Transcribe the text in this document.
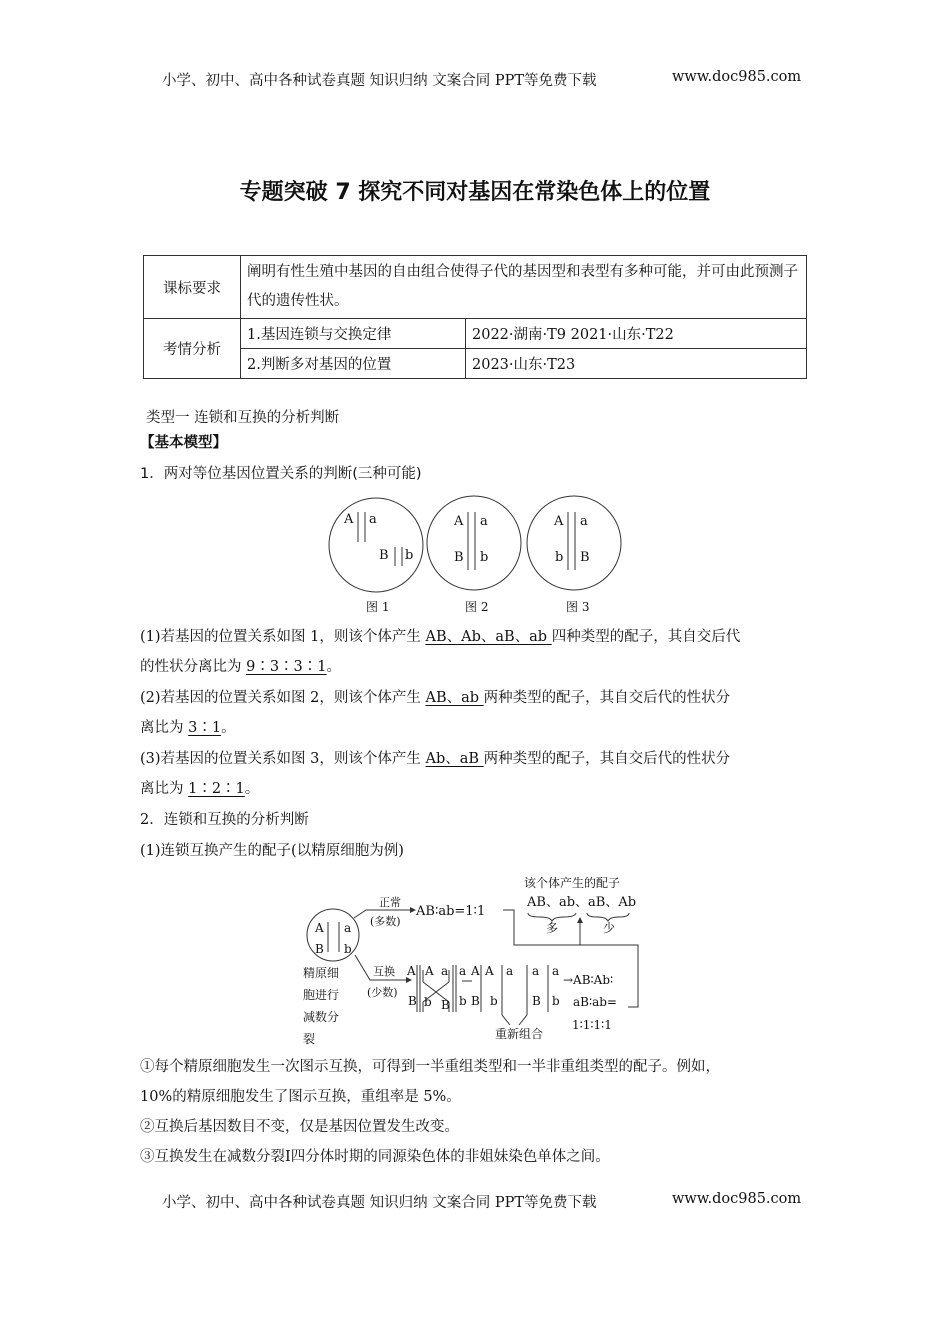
小学、初中、高中各种试卷真题 知识归纳 文案合同 PPT等免费下载	www.doc985.com
专题突破 7 探究不同对基因在常染色体上的位置
课标要求	阐明有性生殖中基因的自由组合使得子代的基因型和表型有多种可能，并可由此预测子代的遗传性状。	
考情分析	1.基因连锁与交换定律	2022·湖南·T9 2021·山东·T22
	2.判断多对基因的位置	2023·山东·T23
类型一 连锁和互换的分析判断
【基本模型】
1．两对等位基因位置关系的判断(三种可能)
A a
B b
图 1
A a
B b
图 2
A a
b B
图 3
A a
B b
正常
(多数)
AB∶ab=1∶1
该个体产生的配子
AB、ab、aB、Ab
多	少
互换
(少数)
精原细
胞进行
减数分
裂
A A a a
B b B b
A A a	a
a
B b	B b
重新组合
→AB∶Ab∶
aB∶ab=
1∶1∶1∶1
(1)若基因的位置关系如图 1，则该个体产生 AB、Ab、aB、ab 四种类型的配子，其自交后代
的性状分离比为 9∶3∶3∶1。
(2)若基因的位置关系如图 2，则该个体产生 AB、ab 两种类型的配子，其自交后代的性状分
离比为 3∶1。
(3)若基因的位置关系如图 3，则该个体产生 Ab、aB 两种类型的配子，其自交后代的性状分
离比为 1∶2∶1。
2．连锁和互换的分析判断
(1)连锁互换产生的配子(以精原细胞为例)
①每个精原细胞发生一次图示互换，可得到一半重组类型和一半非重组类型的配子。例如，
10%的精原细胞发生了图示互换，重组率是 5%。
②互换后基因数目不变，仅是基因位置发生改变。
③互换发生在减数分裂Ⅰ四分体时期的同源染色体的非姐妹染色单体之间。
小学、初中、高中各种试卷真题 知识归纳 文案合同 PPT等免费下载	www.doc985.com
